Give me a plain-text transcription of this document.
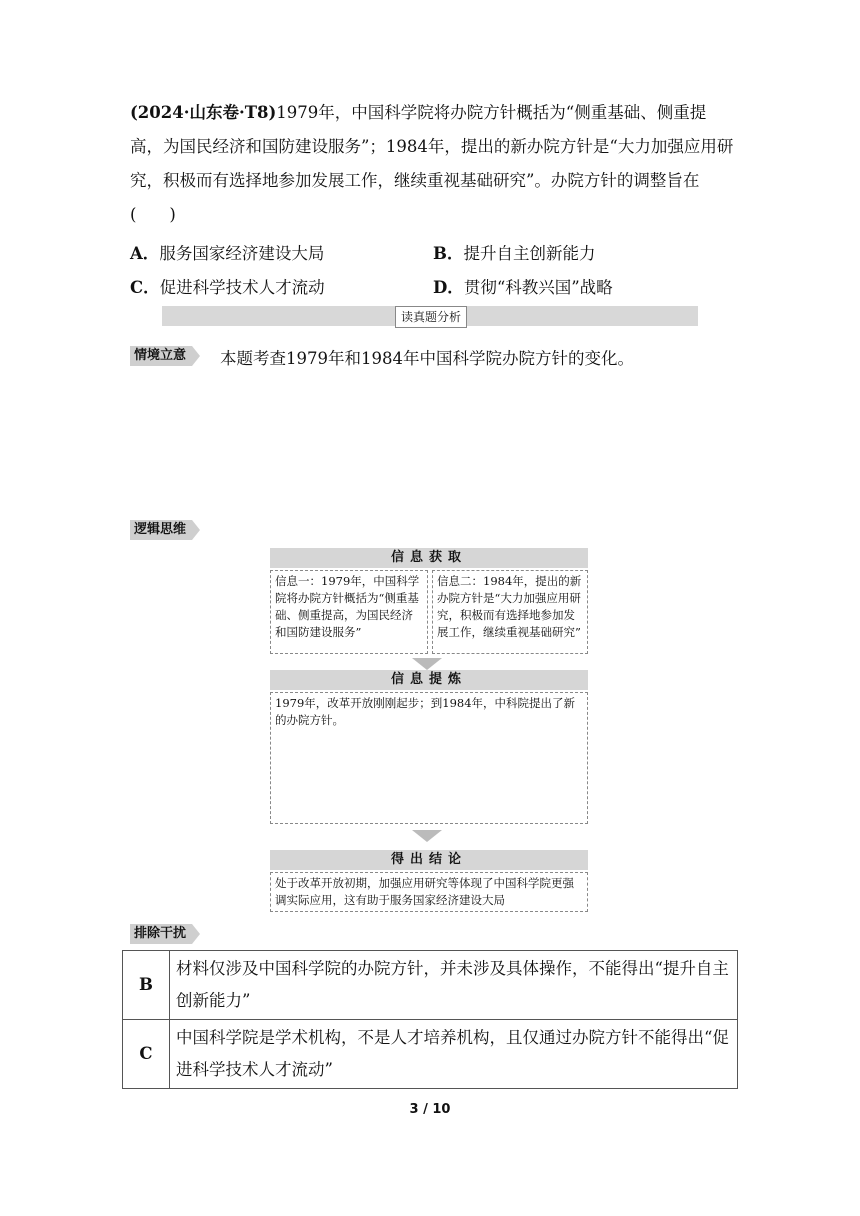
(2024·山东卷·T8)1979年，中国科学院将办院方针概括为“侧重基础、侧重提高，为国民经济和国防建设服务”；1984年，提出的新办院方针是“大力加强应用研究，积极而有选择地参加发展工作，继续重视基础研究”。办院方针的调整旨在(　　)
A．服务国家经济建设大局	B．提升自主创新能力
C．促进科学技术人才流动	D．贯彻“科教兴国”战略
读真题分析
情境立意	本题考查1979年和1984年中国科学院办院方针的变化。
逻辑思维
信息获取
信息一：1979年，中国科学院将办院方针概括为“侧重基础、侧重提高，为国民经济和国防建设服务”
信息二：1984年，提出的新办院方针是“大力加强应用研究，积极而有选择地参加发展工作，继续重视基础研究”
信息提炼
1979年，改革开放刚刚起步；到1984年，中科院提出了新的办院方针。
得出结论
处于改革开放初期，加强应用研究等体现了中国科学院更强调实际应用，这有助于服务国家经济建设大局
排除干扰
B	材料仅涉及中国科学院的办院方针，并未涉及具体操作，不能得出“提升自主创新能力”
C	中国科学院是学术机构，不是人才培养机构，且仅通过办院方针不能得出“促进科学技术人才流动”
3 / 10
